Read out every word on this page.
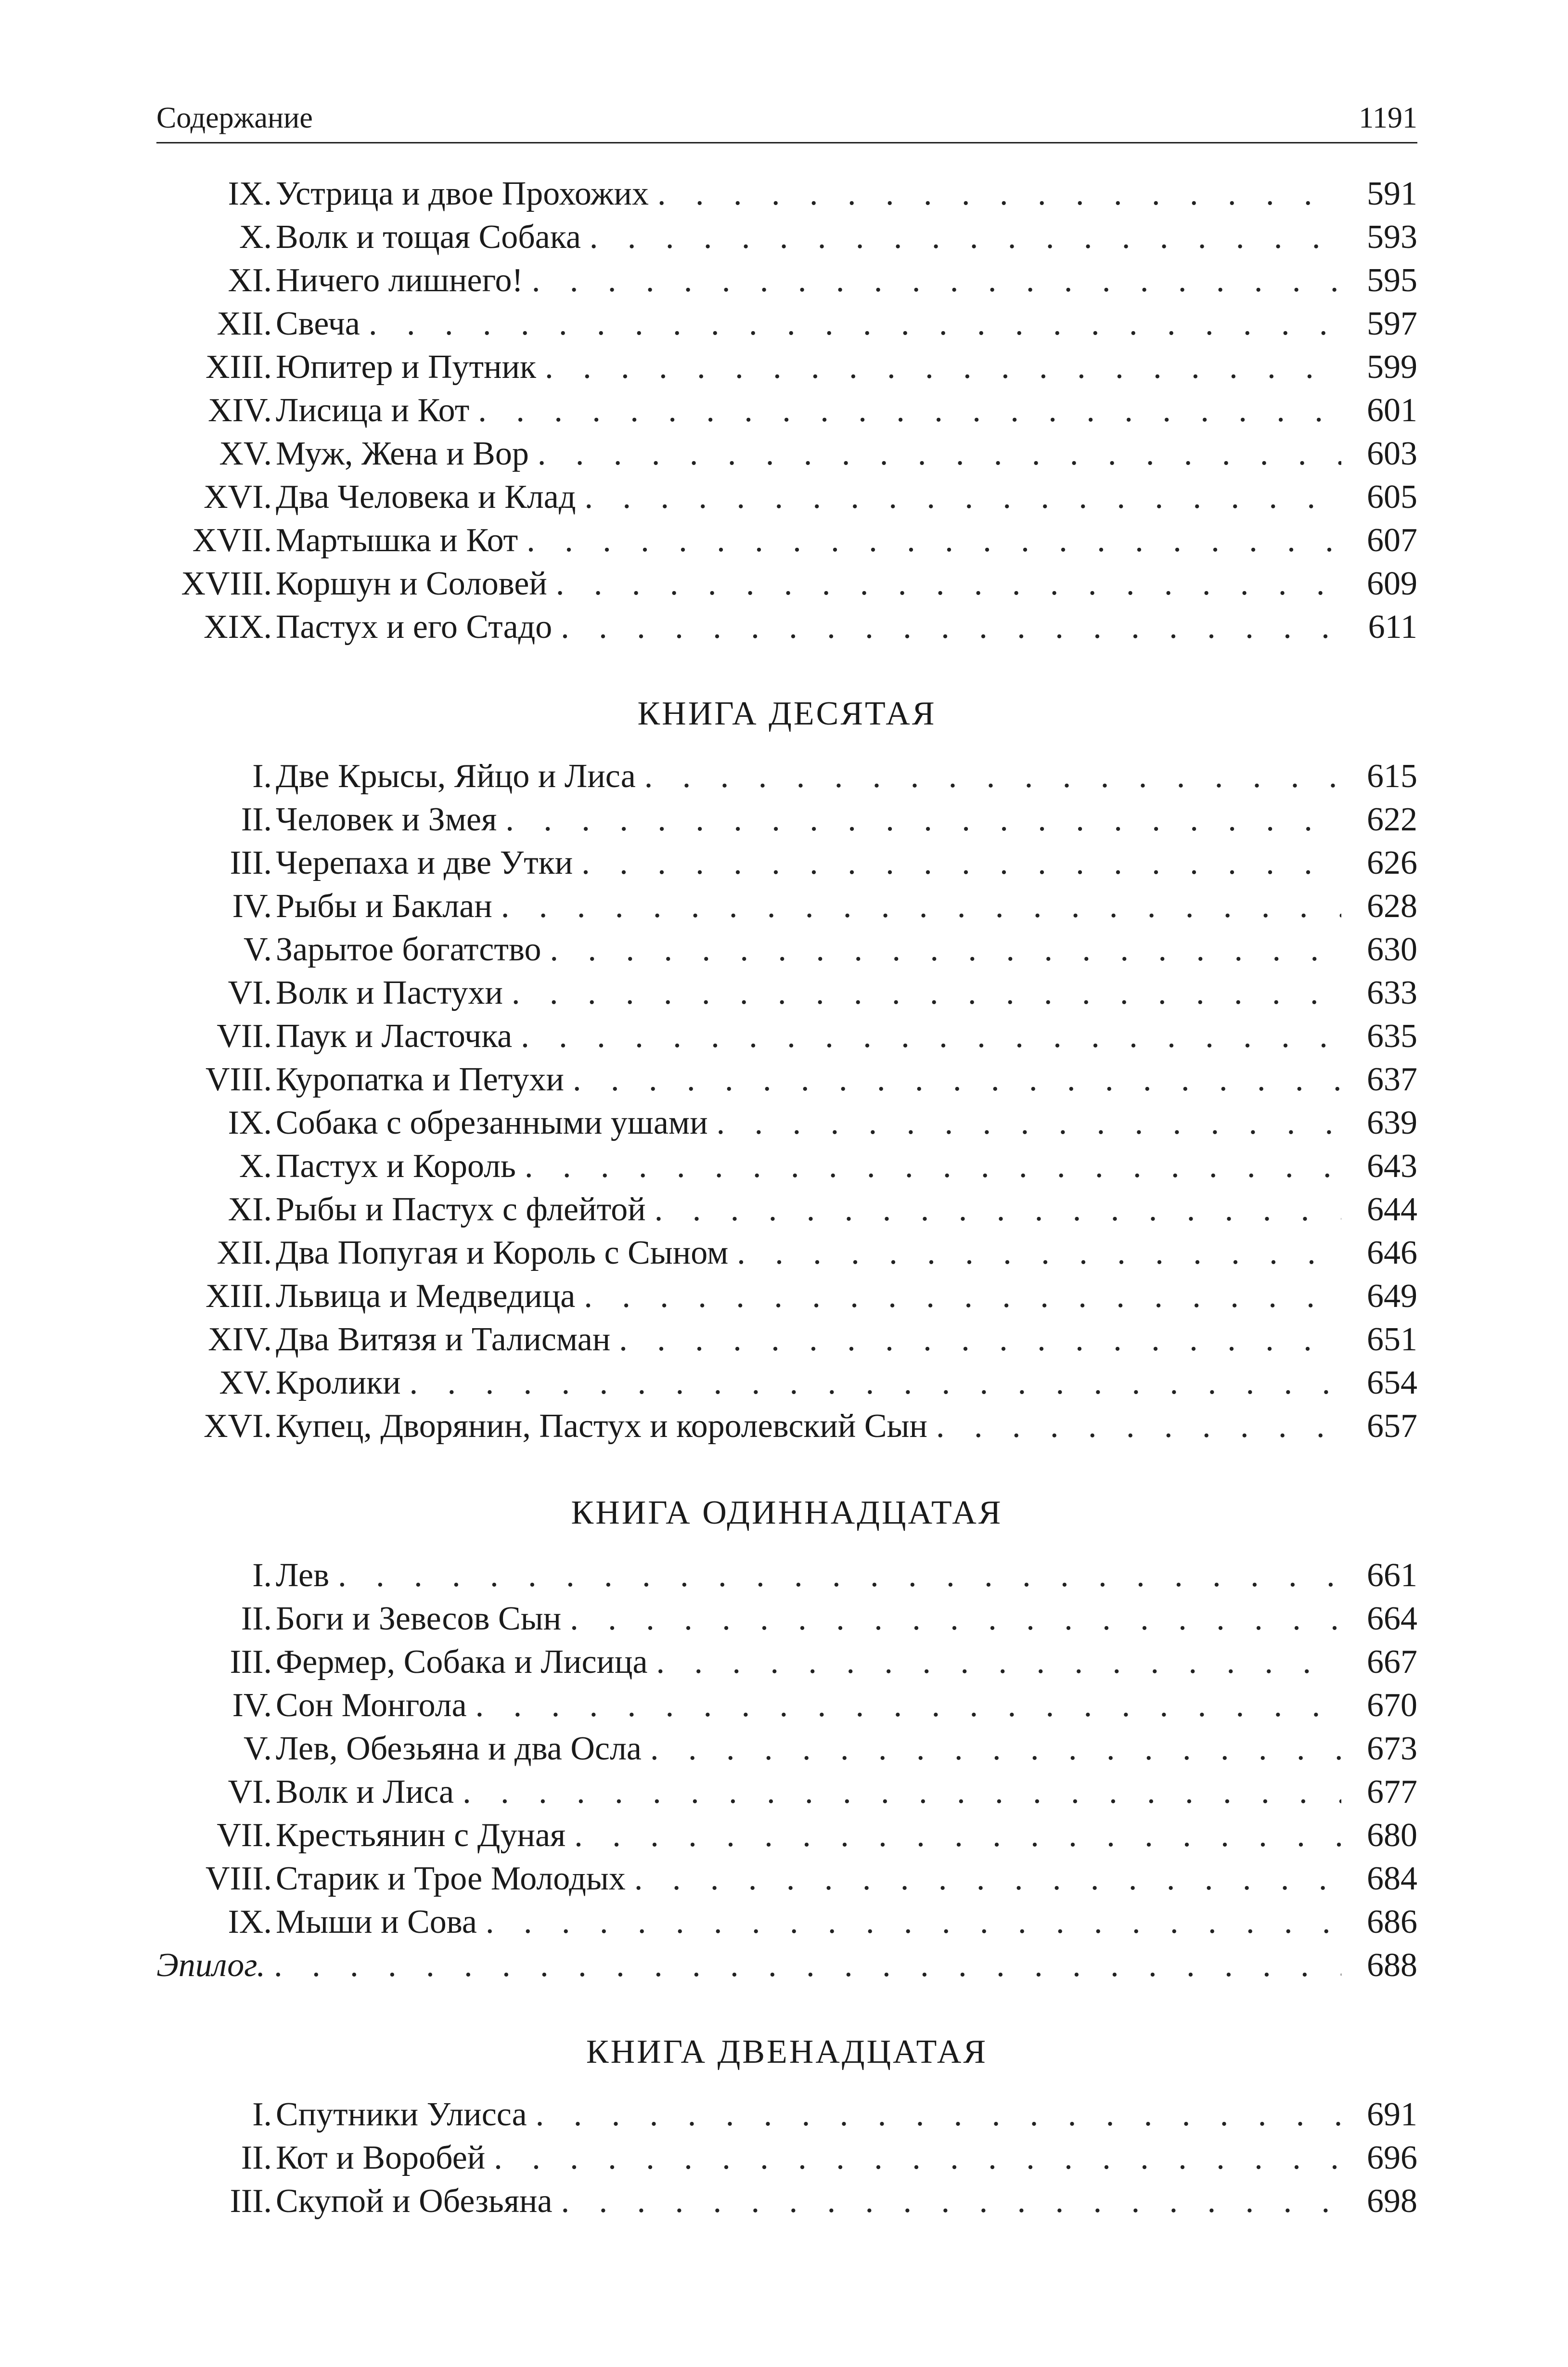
Содержание	1191
IX. Устрица и двое Прохожих . . .	591
X. Волк и тощая Собака . . .	593
XI. Ничего лишнего! . . .	595
XII. Свеча . . .	597
XIII. Юпитер и Путник . . .	599
XIV. Лисица и Кот . . .	601
XV. Муж, Жена и Вор . . .	603
XVI. Два Человека и Клад . . .	605
XVII. Мартышка и Кот . . .	607
XVIII. Коршун и Соловей . . .	609
XIX. Пастух и его Стадо . . .	611
КНИГА ДЕСЯТАЯ
I. Две Крысы, Яйцо и Лиса . . .	615
II. Человек и Змея . . .	622
III. Черепаха и две Утки . . .	626
IV. Рыбы и Баклан . . .	628
V. Зарытое богатство . . .	630
VI. Волк и Пастухи . . .	633
VII. Паук и Ласточка . . .	635
VIII. Куропатка и Петухи . . .	637
IX. Собака с обрезанными ушами . . .	639
X. Пастух и Король . . .	643
XI. Рыбы и Пастух с флейтой . . .	644
XII. Два Попугая и Король с Сыном . . .	646
XIII. Львица и Медведица . . .	649
XIV. Два Витязя и Талисман . . .	651
XV. Кролики . . .	654
XVI. Купец, Дворянин, Пастух и королевский Сын . . .	657
КНИГА ОДИННАДЦАТАЯ
I. Лев . . .	661
II. Боги и Зевесов Сын . . .	664
III. Фермер, Собака и Лисица . . .	667
IV. Сон Монгола . . .	670
V. Лев, Обезьяна и два Осла . . .	673
VI. Волк и Лиса . . .	677
VII. Крестьянин с Дуная . . .	680
VIII. Старик и Трое Молодых . . .	684
IX. Мыши и Сова . . .	686
Эпилог. . . .	688
КНИГА ДВЕНАДЦАТАЯ
I. Спутники Улисса . . .	691
II. Кот и Воробей . . .	696
III. Скупой и Обезьяна . . .	698
